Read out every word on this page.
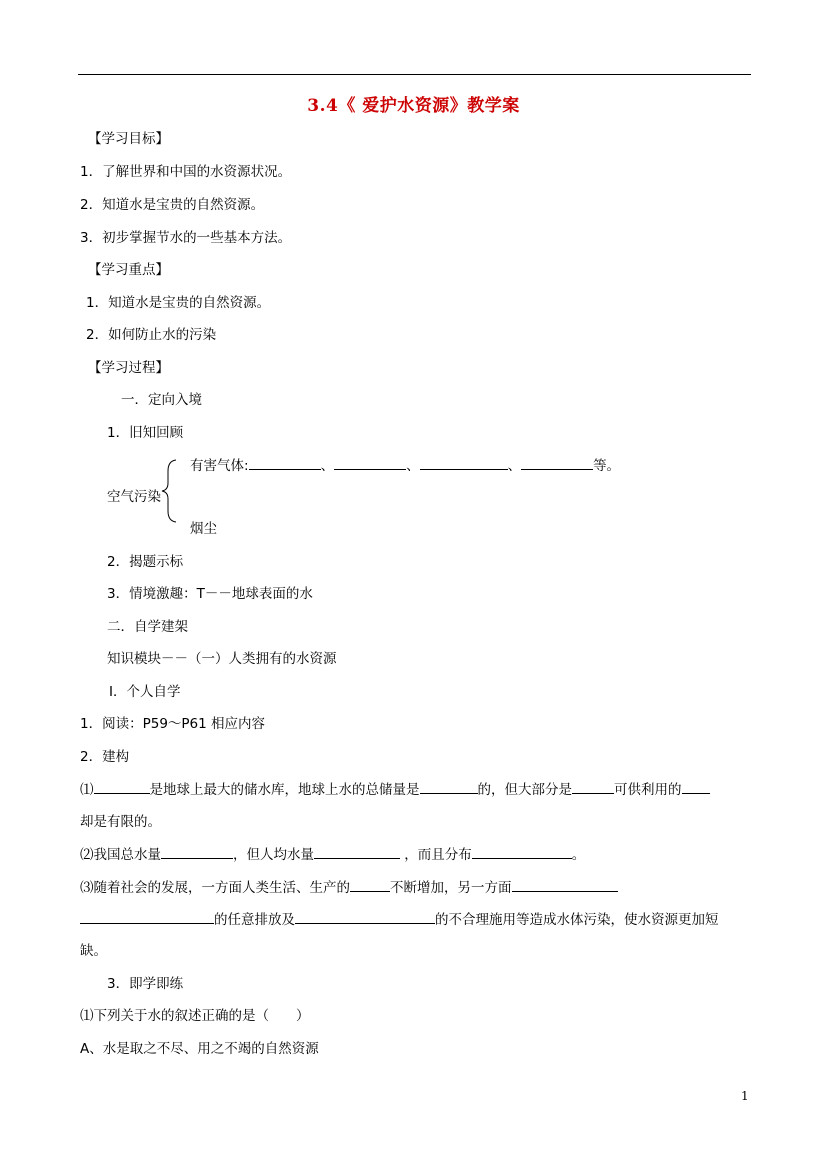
3.4《 爱护水资源》教学案
【学习目标】
1．了解世界和中国的水资源状况。
2．知道水是宝贵的自然资源。
3．初步掌握节水的一些基本方法。
【学习重点】
1．知道水是宝贵的自然资源。
2．如何防止水的污染
【学习过程】
一．定向入境
1．旧知回顾
有害气体:	、	、	、	等。
空气污染
烟尘
2．揭题示标
3．情境激趣：T－－地球表面的水
二．自学建架
知识模块－－（一）人类拥有的水资源
Ⅰ．个人自学
1．阅读：P59～P61 相应内容
2．建构
⑴	是地球上最大的储水库，地球上水的总储量是	的，但大部分是	可供利用的
却是有限的。
⑵我国总水量	，但人均水量	，而且分布	。
⑶随着社会的发展，一方面人类生活、生产的	不断增加，另一方面
的任意排放及	的不合理施用等造成水体污染，使水资源更加短
缺。
3．即学即练
⑴下列关于水的叙述正确的是（　　）
A、水是取之不尽、用之不竭的自然资源
1
